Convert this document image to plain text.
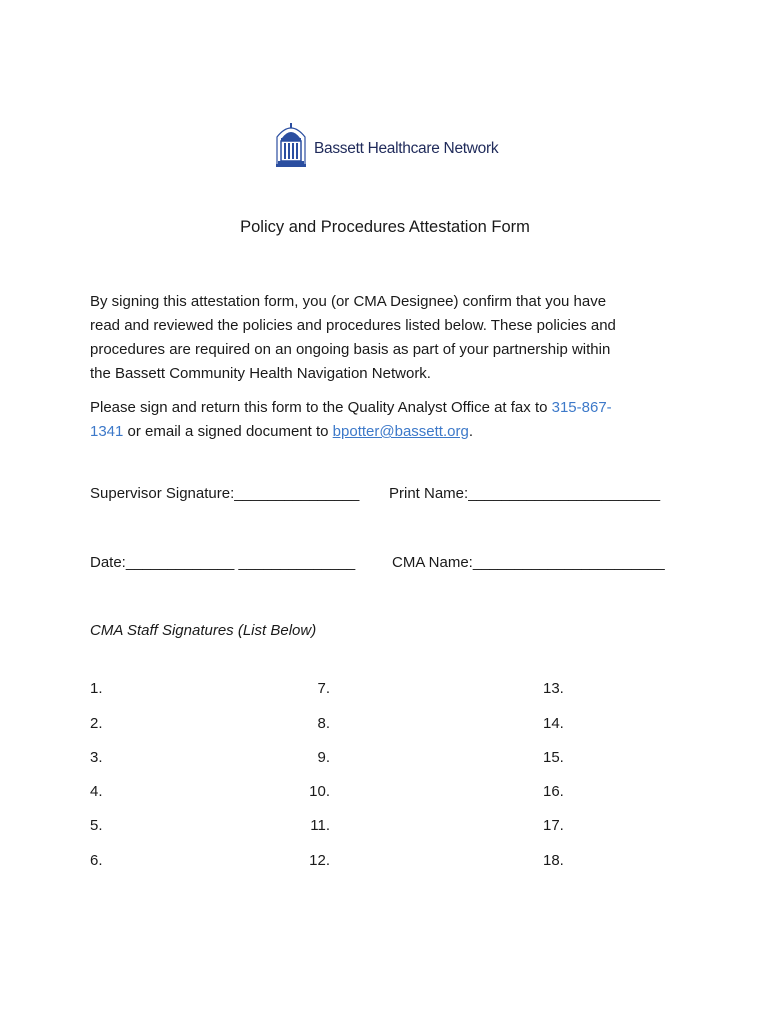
Bassett Healthcare Network
Policy and Procedures Attestation Form
By signing this attestation form, you (or CMA Designee) confirm that you have
read and reviewed the policies and procedures listed below. These policies and
procedures are required on an ongoing basis as part of your partnership within
the Bassett Community Health Navigation Network.
Please sign and return this form to the Quality Analyst Office at fax to 315-867-
1341 or email a signed document to bpotter@bassett.org.
Supervisor Signature:_______________ Print Name:_______________________
Date:_____________ ______________ CMA Name:_______________________
CMA Staff Signatures (List Below)
1.
2.
3.
4.
5.
6.
7.
8.
9.
10.
11.
12.
13.
14.
15.
16.
17.
18.
